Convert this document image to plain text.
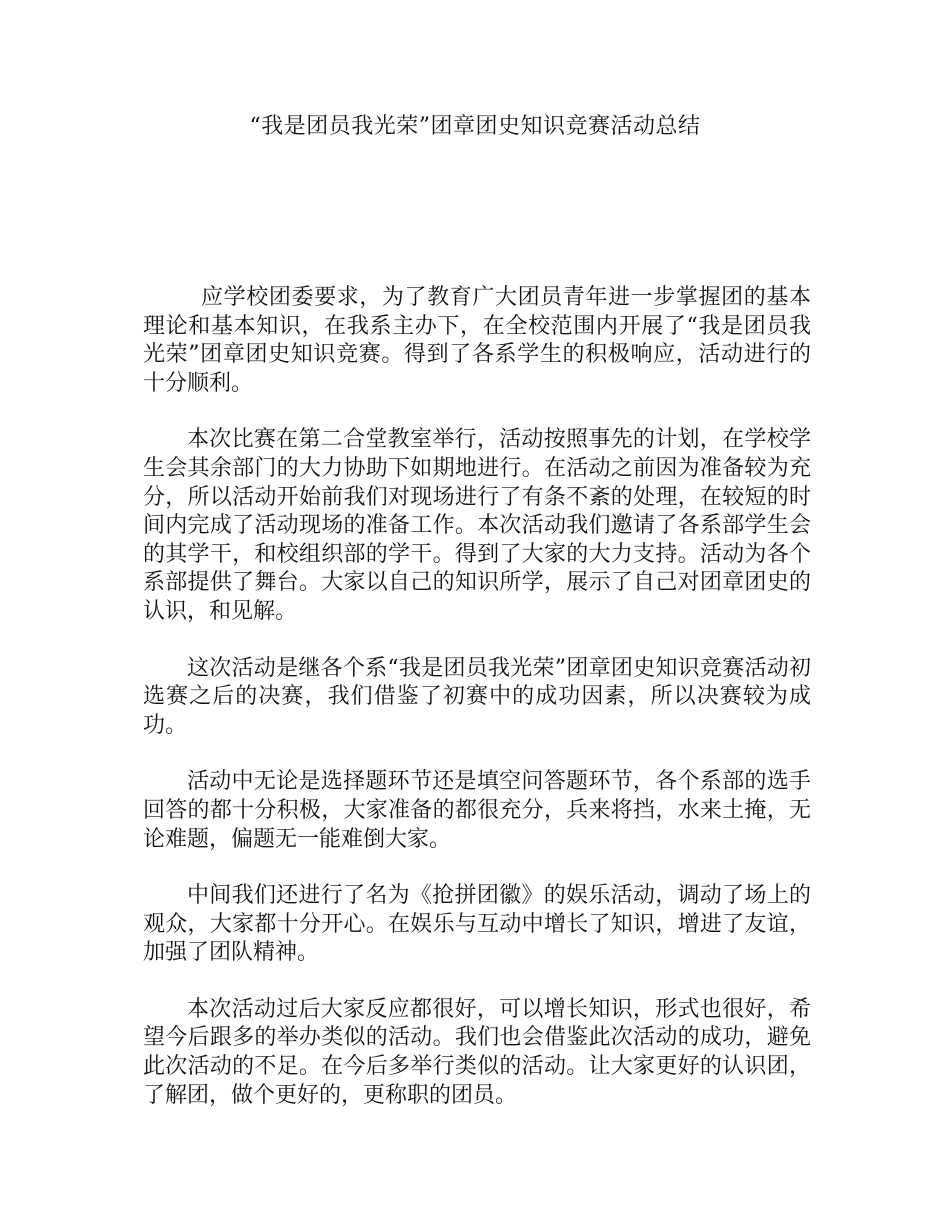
“我是团员我光荣”团章团史知识竞赛活动总结

应学校团委要求，为了教育广大团员青年进一步掌握团的基本理论和基本知识，在我系主办下，在全校范围内开展了“我是团员我光荣”团章团史知识竞赛。得到了各系学生的积极响应，活动进行的十分顺利。

本次比赛在第二合堂教室举行，活动按照事先的计划，在学校学生会其余部门的大力协助下如期地进行。在活动之前因为准备较为充分，所以活动开始前我们对现场进行了有条不紊的处理，在较短的时间内完成了活动现场的准备工作。本次活动我们邀请了各系部学生会的其学干，和校组织部的学干。得到了大家的大力支持。活动为各个系部提供了舞台。大家以自己的知识所学，展示了自己对团章团史的认识，和见解。

这次活动是继各个系“我是团员我光荣”团章团史知识竞赛活动初选赛之后的决赛，我们借鉴了初赛中的成功因素，所以决赛较为成功。

活动中无论是选择题环节还是填空问答题环节，各个系部的选手回答的都十分积极，大家准备的都很充分，兵来将挡，水来土掩，无论难题，偏题无一能难倒大家。

中间我们还进行了名为《抢拼团徽》的娱乐活动，调动了场上的观众，大家都十分开心。在娱乐与互动中增长了知识，增进了友谊，加强了团队精神。

本次活动过后大家反应都很好，可以增长知识，形式也很好，希望今后跟多的举办类似的活动。我们也会借鉴此次活动的成功，避免此次活动的不足。在今后多举行类似的活动。让大家更好的认识团，了解团，做个更好的，更称职的团员。
